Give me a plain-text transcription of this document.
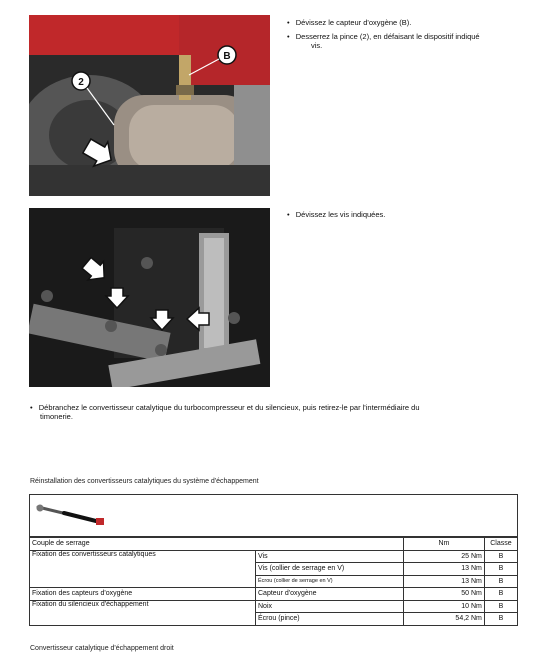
2
B
• Dévissez le capteur d'oxygène (B).
• Desserrez la pince (2), en défaisant le dispositif indiqué
vis.
• Dévissez les vis indiquées.
• Débranchez le convertisseur catalytique du turbocompresseur et du silencieux, puis retirez-le par l'intermédiaire du
timonerie.
Réinstallation des convertisseurs catalytiques du système d'échappement
Couple de serrage		Nm	Classe
Fixation des convertisseurs catalytiques	Vis	25 Nm	B
	Vis (collier de serrage en V)	13 Nm	B
	Écrou (collier de serrage en V)	13 Nm	B
Fixation des capteurs d'oxygène	Capteur d'oxygène	50 Nm	B
Fixation du silencieux d'échappement	Noix	10 Nm	B
	Écrou (pince)	54,2 Nm	B
Convertisseur catalytique d'échappement droit
